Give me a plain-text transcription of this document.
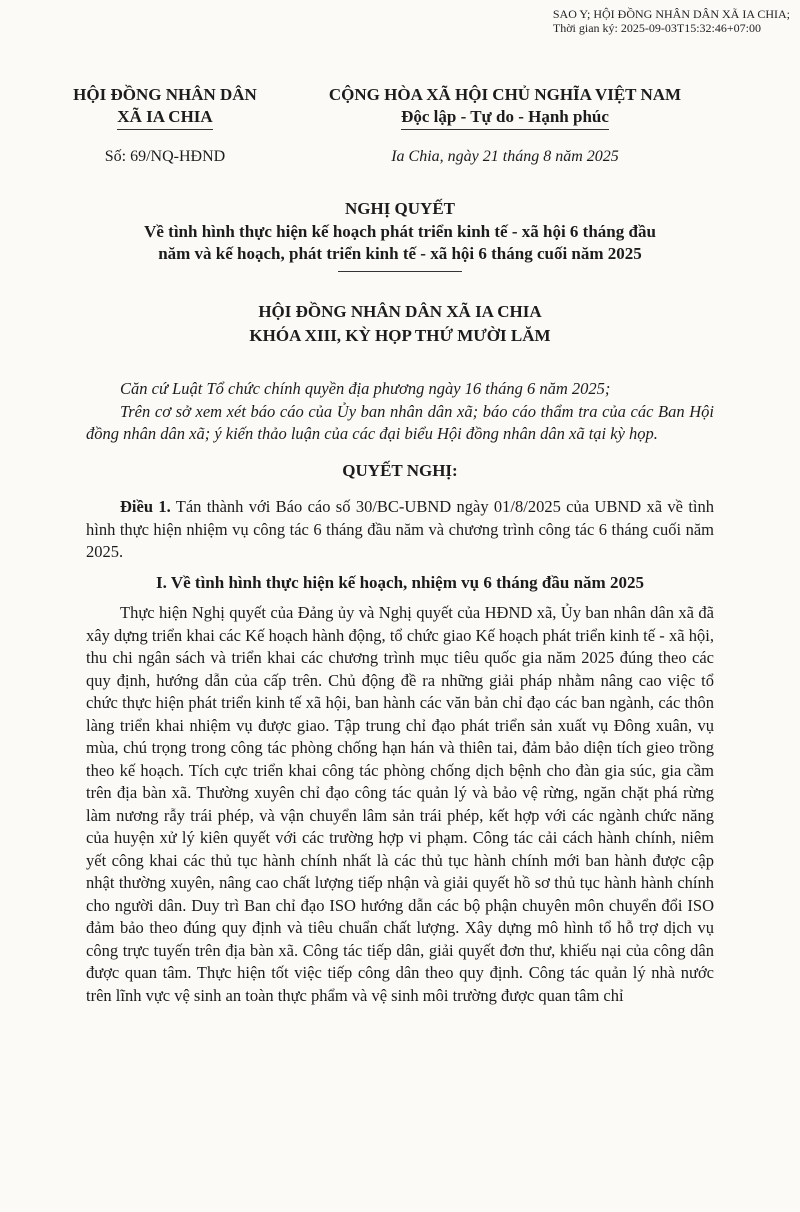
SAO Y; HỘI ĐỒNG NHÂN DÂN XÃ IA CHIA;
Thời gian ký: 2025-09-03T15:32:46+07:00
HỘI ĐỒNG NHÂN DÂN
XÃ IA CHIA
CỘNG HÒA XÃ HỘI CHỦ NGHĨA VIỆT NAM
Độc lập - Tự do - Hạnh phúc
Số: 69/NQ-HĐND	Ia Chia, ngày 21 tháng 8 năm 2025
NGHỊ QUYẾT
Về tình hình thực hiện kế hoạch phát triển kinh tế - xã hội 6 tháng đầu
năm và kế hoạch, phát triển kinh tế - xã hội 6 tháng cuối năm 2025
HỘI ĐỒNG NHÂN DÂN XÃ IA CHIA
KHÓA XIII, KỲ HỌP THỨ MƯỜI LĂM

Căn cứ Luật Tổ chức chính quyền địa phương ngày 16 tháng 6 năm 2025;

Trên cơ sở xem xét báo cáo của Ủy ban nhân dân xã; báo cáo thẩm tra của các Ban Hội đồng nhân dân xã; ý kiến thảo luận của các đại biểu Hội đồng nhân dân xã tại kỳ họp.

QUYẾT NGHỊ:

Điều 1. Tán thành với Báo cáo số 30/BC-UBND ngày 01/8/2025 của UBND xã về tình hình thực hiện nhiệm vụ công tác 6 tháng đầu năm và chương trình công tác 6 tháng cuối năm 2025.

I. Về tình hình thực hiện kế hoạch, nhiệm vụ 6 tháng đầu năm 2025

Thực hiện Nghị quyết của Đảng ủy và Nghị quyết của HĐND xã, Ủy ban nhân dân xã đã xây dựng triển khai các Kế hoạch hành động, tổ chức giao Kế hoạch phát triển kinh tế - xã hội, thu chi ngân sách và triển khai các chương trình mục tiêu quốc gia năm 2025 đúng theo các quy định, hướng dẫn của cấp trên. Chủ động đề ra những giải pháp nhằm nâng cao việc tổ chức thực hiện phát triển kinh tế xã hội, ban hành các văn bản chỉ đạo các ban ngành, các thôn làng triển khai nhiệm vụ được giao. Tập trung chỉ đạo phát triển sản xuất vụ Đông xuân, vụ mùa, chú trọng trong công tác phòng chống hạn hán và thiên tai, đảm bảo diện tích gieo trồng theo kế hoạch. Tích cực triển khai công tác phòng chống dịch bệnh cho đàn gia súc, gia cầm trên địa bàn xã. Thường xuyên chỉ đạo công tác quản lý và bảo vệ rừng, ngăn chặt phá rừng làm nương rẫy trái phép, và vận chuyển lâm sản trái phép, kết hợp với các ngành chức năng của huyện xử lý kiên quyết với các trường hợp vi phạm. Công tác cải cách hành chính, niêm yết công khai các thủ tục hành chính nhất là các thủ tục hành chính mới ban hành được cập nhật thường xuyên, nâng cao chất lượng tiếp nhận và giải quyết hồ sơ thủ tục hành hành chính cho người dân. Duy trì Ban chỉ đạo ISO hướng dẫn các bộ phận chuyên môn chuyển đổi ISO đảm bảo theo đúng quy định và tiêu chuẩn chất lượng. Xây dựng mô hình tổ hỗ trợ dịch vụ công trực tuyến trên địa bàn xã. Công tác tiếp dân, giải quyết đơn thư, khiếu nại của công dân được quan tâm. Thực hiện tốt việc tiếp công dân theo quy định. Công tác quản lý nhà nước trên lĩnh vực vệ sinh an toàn thực phẩm và vệ sinh môi trường được quan tâm chỉ
